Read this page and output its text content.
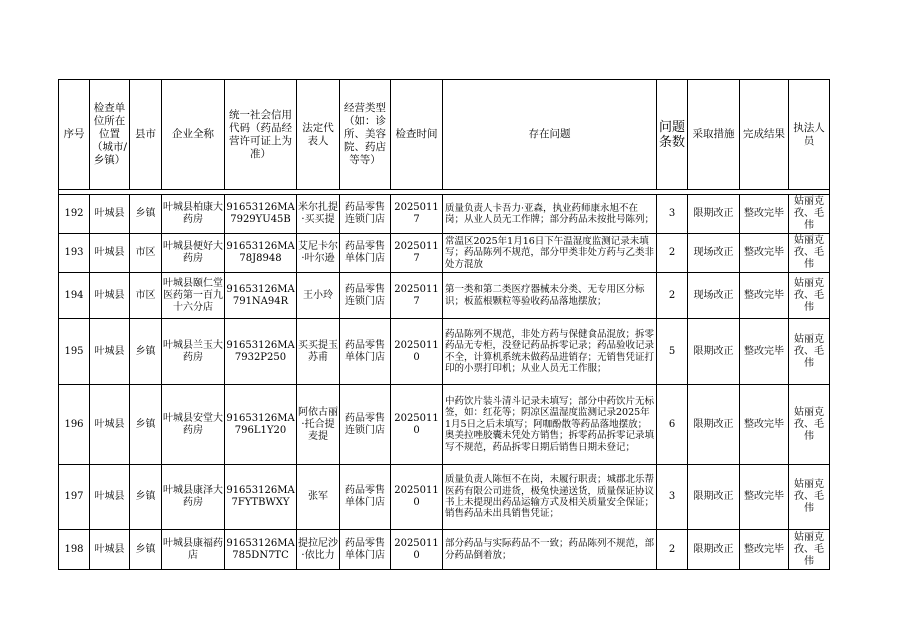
序号	检查单位所在位置（城市/乡镇）	县市	企业全称	统一社会信用代码（药品经营许可证上为准）	法定代表人	经营类型（如：诊所、美容院、药店等等）	检查时间	存在问题	问题条数	采取措施	完成结果	执法人员

192	叶城县	乡镇	叶城县柏康大药房	91653126MA7929YU45B	米尔扎提·买买提	药品零售连锁门店	20250117	质量负责人卡吾力·亚森，执业药师康永旭不在岗；从业人员无工作牌；部分药品未按批号陈列；	3	限期改正	整改完毕	姑丽克孜、毛伟
193	叶城县	市区	叶城县便好大药房	91653126MA78J8948	艾尼卡尔·叶尔逊	药品零售单体门店	20250117	常温区2025年1月16日下午温湿度监测记录未填写；药品陈列不规范，部分甲类非处方药与乙类非处方混放	2	现场改正	整改完毕	姑丽克孜、毛伟
194	叶城县	市区	叶城县颐仁堂医药第一百九十六分店	91653126MA791NA94R	王小玲	药品零售连锁门店	20250117	第一类和第二类医疗器械未分类、无专用区分标识；板蓝根颗粒等验收药品落地摆放；	2	现场改正	整改完毕	姑丽克孜、毛伟
195	叶城县	乡镇	叶城县兰玉大药房	91653126MA7932P250	买买提玉苏甫	药品零售单体门店	20250110	药品陈列不规范，非处方药与保健食品混放；拆零药品无专柜，没登记药品拆零记录；药品验收记录不全，计算机系统未做药品进销存；无销售凭证打印的小票打印机；从业人员无工作服；	5	限期改正	整改完毕	姑丽克孜、毛伟
196	叶城县	乡镇	叶城县安堂大药房	91653126MA796L1Y20	阿依古丽·托合提麦提	药品零售连锁门店	20250110	中药饮片装斗清斗记录未填写；部分中药饮片无标签，如：红花等；阴凉区温湿度监测记录2025年1月5日之后未填写；阿咖酚散等药品落地摆放；奥美拉唑胶囊未凭处方销售；拆零药品拆零记录填写不规范，药品拆零日期后销售日期未登记；	6	限期改正	整改完毕	姑丽克孜、毛伟
197	叶城县	乡镇	叶城县康泽大药房	91653126MA7FYTBWXY	张军	药品零售单体门店	20250110	质量负责人陈恒不在岗，未履行职责；城郡北乐帮医药有限公司进货，极兔快递送货，质量保证协议书上未提现出药品运输方式及相关质量安全保证；销售药品未出具销售凭证；	3	限期改正	整改完毕	姑丽克孜、毛伟
198	叶城县	乡镇	叶城县康福药店	91653126MA785DN7TC	提拉尼沙·依比力	药品零售单体门店	20250110	部分药品与实际药品不一致；药品陈列不规范，部分药品倒着放；	2	限期改正	整改完毕	姑丽克孜、毛伟
